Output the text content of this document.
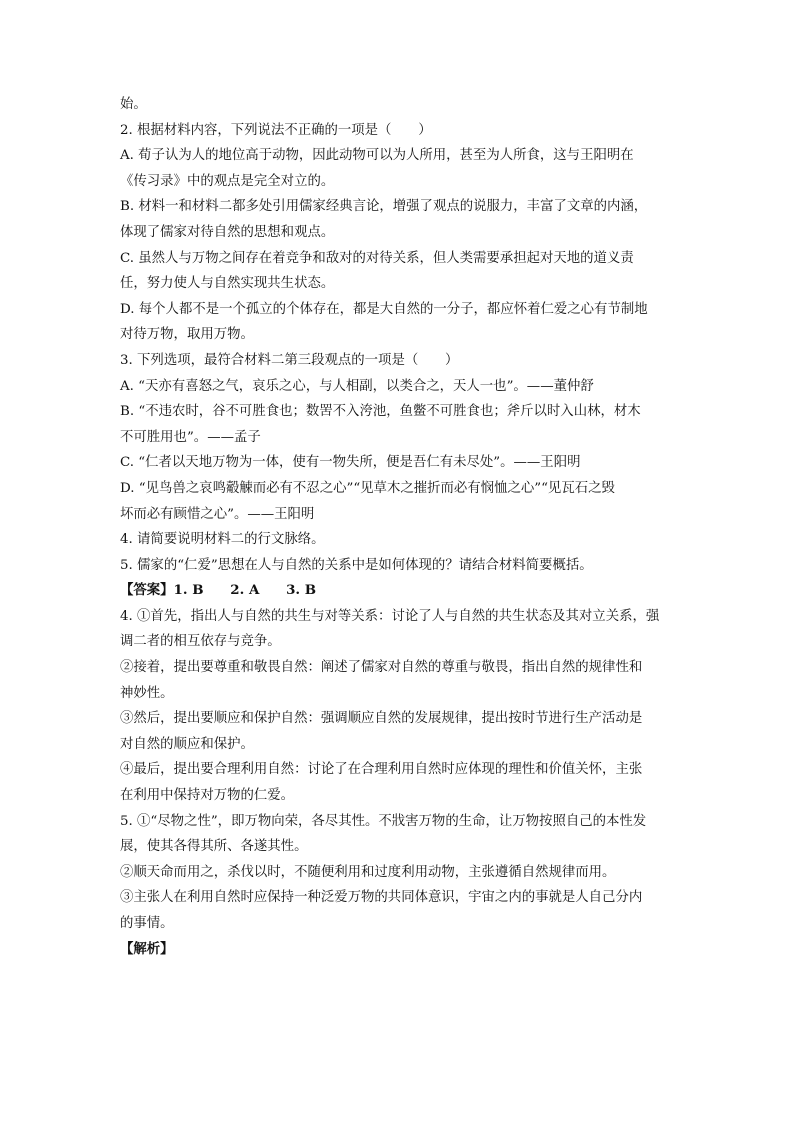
始。
2. 根据材料内容，下列说法不正确的一项是（　　）
A. 荀子认为人的地位高于动物，因此动物可以为人所用，甚至为人所食，这与王阳明在
《传习录》中的观点是完全对立的。
B. 材料一和材料二都多处引用儒家经典言论，增强了观点的说服力，丰富了文章的内涵，
体现了儒家对待自然的思想和观点。
C. 虽然人与万物之间存在着竞争和敌对的对待关系，但人类需要承担起对天地的道义责
任，努力使人与自然实现共生状态。
D. 每个人都不是一个孤立的个体存在，都是大自然的一分子，都应怀着仁爱之心有节制地
对待万物，取用万物。
3. 下列选项，最符合材料二第三段观点的一项是（　　）
A. “天亦有喜怒之气，哀乐之心，与人相副，以类合之，天人一也”。——董仲舒
B. “不违农时，谷不可胜食也；数罟不入洿池，鱼鳖不可胜食也；斧斤以时入山林，材木
不可胜用也”。——孟子
C. “仁者以天地万物为一体，使有一物失所，便是吾仁有未尽处”。——王阳明
D. “见鸟兽之哀鸣觳觫而必有不忍之心”“见草木之摧折而必有悯恤之心”“见瓦石之毁
坏而必有顾惜之心”。——王阳明
4. 请简要说明材料二的行文脉络。
5. 儒家的“仁爱”思想在人与自然的关系中是如何体现的？请结合材料简要概括。
【答案】1. B　　2. A　　3. B
4. ①首先，指出人与自然的共生与对等关系：讨论了人与自然的共生状态及其对立关系，强
调二者的相互依存与竞争。
②接着，提出要尊重和敬畏自然：阐述了儒家对自然的尊重与敬畏，指出自然的规律性和
神妙性。
③然后，提出要顺应和保护自然：强调顺应自然的发展规律，提出按时节进行生产活动是
对自然的顺应和保护。
④最后，提出要合理利用自然：讨论了在合理利用自然时应体现的理性和价值关怀，主张
在利用中保持对万物的仁爱。
5. ①“尽物之性”，即万物向荣，各尽其性。不戕害万物的生命，让万物按照自己的本性发
展，使其各得其所、各遂其性。
②顺天命而用之，杀伐以时，不随便利用和过度利用动物，主张遵循自然规律而用。
③主张人在利用自然时应保持一种泛爱万物的共同体意识，宇宙之内的事就是人自己分内
的事情。
【解析】
